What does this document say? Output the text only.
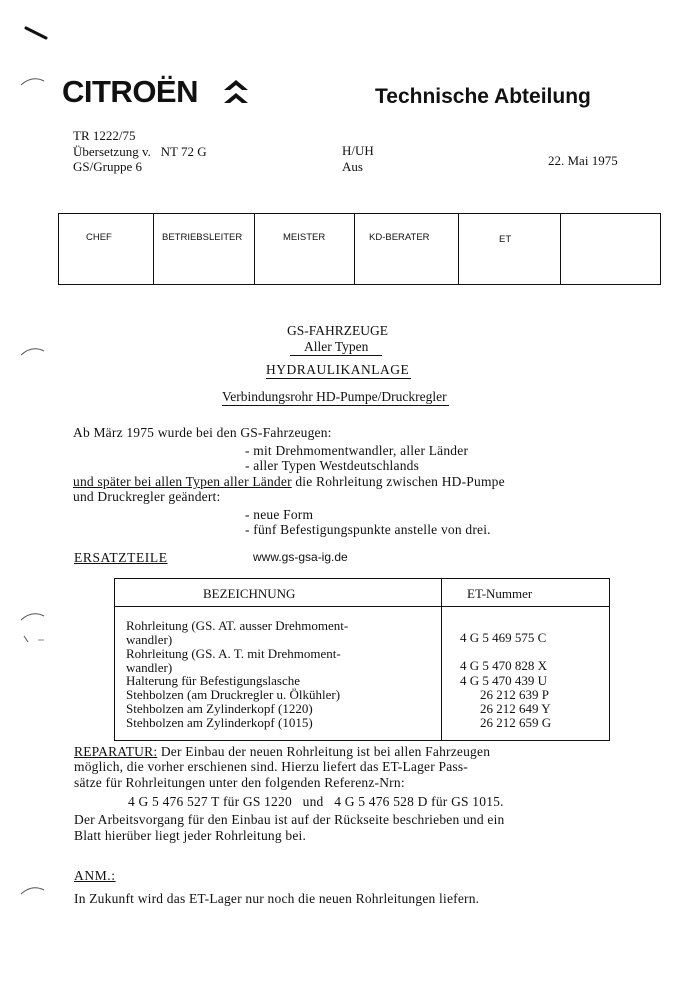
CITROËN	Technische Abteilung
TR 1222/75
Übersetzung v.   NT 72 G
GS/Gruppe 6
H/UH
Aus	22. Mai 1975
CHEF	BETRIEBSLEITER	MEISTER	KD-BERATER	ET
GS-FAHRZEUGE
Aller Typen
HYDRAULIKANLAGE
Verbindungsrohr HD-Pumpe/Druckregler
Ab März 1975 wurde bei den GS-Fahrzeugen:
- mit Drehmomentwandler, aller Länder
- aller Typen Westdeutschlands
und später bei allen Typen aller Länder die Rohrleitung zwischen HD-Pumpe
und Druckregler geändert:
- neue Form
- fünf Befestigungspunkte anstelle von drei.
ERSATZTEILE	www.gs-gsa-ig.de
BEZEICHNUNG	ET-Nummer
Rohrleitung (GS. AT. ausser Drehmoment-
wandler)	4 G 5 469 575 C
Rohrleitung (GS. A. T. mit Drehmoment-
wandler)	4 G 5 470 828 X
Halterung für Befestigungslasche	4 G 5 470 439 U
Stehbolzen (am Druckregler u. Ölkühler)	26 212 639 P
Stehbolzen am Zylinderkopf (1220)	26 212 649 Y
Stehbolzen am Zylinderkopf (1015)	26 212 659 G
REPARATUR: Der Einbau der neuen Rohrleitung ist bei allen Fahrzeugen
möglich, die vorher erschienen sind. Hierzu liefert das ET-Lager Pass-
sätze für Rohrleitungen unter den folgenden Referenz-Nrn:
4 G 5 476 527 T für GS 1220   und   4 G 5 476 528 D für GS 1015.
Der Arbeitsvorgang für den Einbau ist auf der Rückseite beschrieben und ein
Blatt hierüber liegt jeder Rohrleitung bei.
ANM.:
In Zukunft wird das ET-Lager nur noch die neuen Rohrleitungen liefern.
